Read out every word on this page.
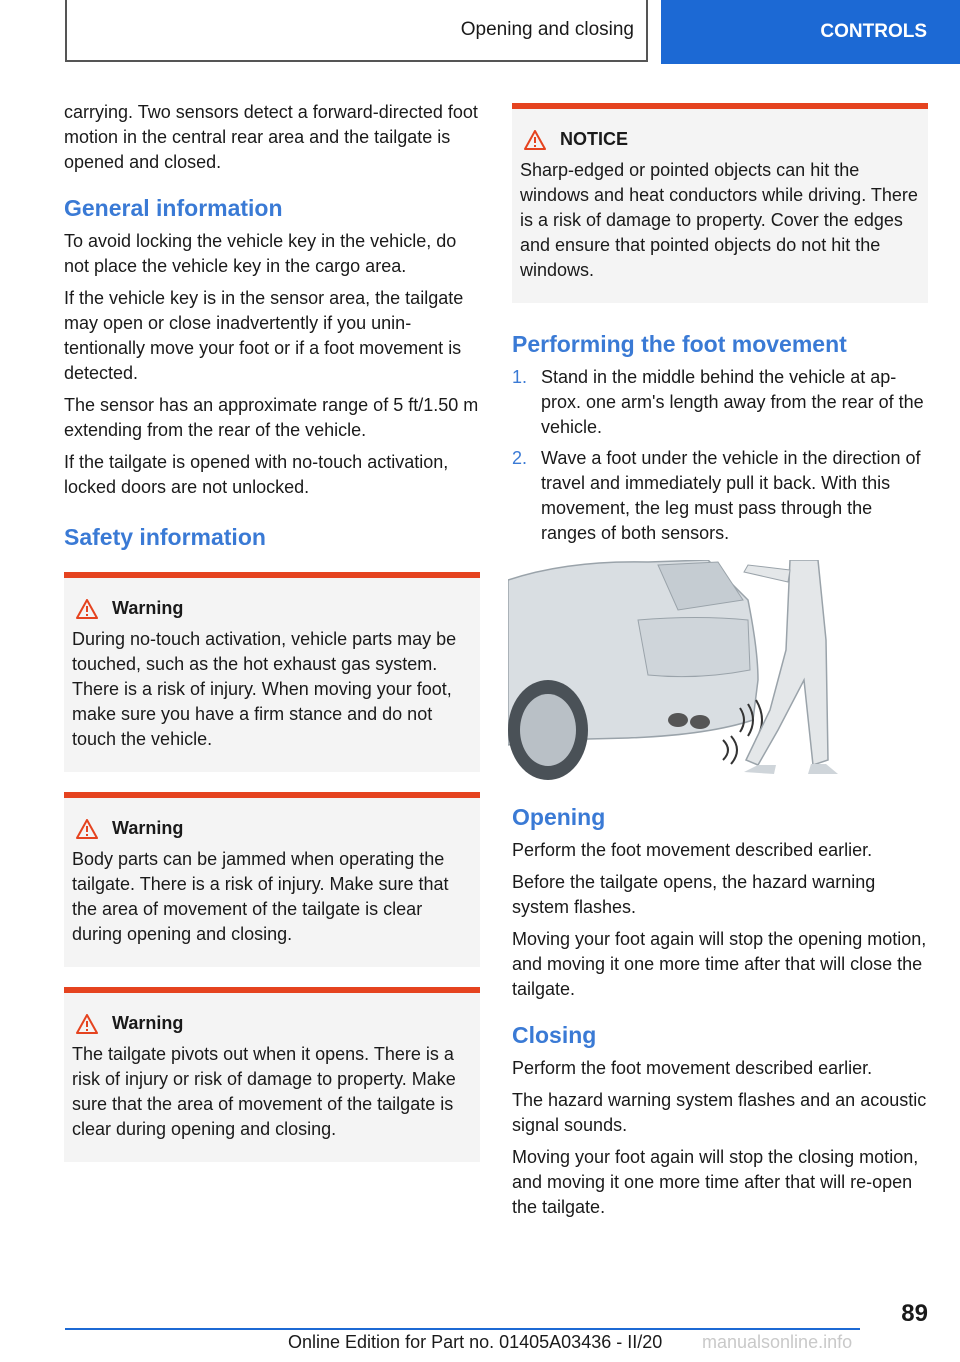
Opening and closing	CONTROLS

carrying. Two sensors detect a forward-directed foot motion in the central rear area and the tailgate is opened and closed.

General information

To avoid locking the vehicle key in the vehicle, do not place the vehicle key in the cargo area.

If the vehicle key is in the sensor area, the tailgate may open or close inadvertently if you unintentionally move your foot or if a foot movement is detected.

The sensor has an approximate range of 5 ft/1.50 m extending from the rear of the vehicle.

If the tailgate is opened with no-touch activation, locked doors are not unlocked.

Safety information
Warning

During no-touch activation, vehicle parts may be touched, such as the hot exhaust gas system. There is a risk of injury. When moving your foot, make sure you have a firm stance and do not touch the vehicle.

Warning

Body parts can be jammed when operating the tailgate. There is a risk of injury. Make sure that the area of movement of the tailgate is clear during opening and closing.

Warning

The tailgate pivots out when it opens. There is a risk of injury or risk of damage to property. Make sure that the area of movement of the tailgate is clear during opening and closing.

NOTICE

Sharp-edged or pointed objects can hit the windows and heat conductors while driving. There is a risk of damage to property. Cover the edges and ensure that pointed objects do not hit the windows.

Performing the foot movement
1. Stand in the middle behind the vehicle at approx. one arm's length away from the rear of the vehicle.
2. Wave a foot under the vehicle in the direction of travel and immediately pull it back. With this movement, the leg must pass through the ranges of both sensors.
Opening

Perform the foot movement described earlier.

Before the tailgate opens, the hazard warning system flashes.

Moving your foot again will stop the opening motion, and moving it one more time after that will close the tailgate.

Closing

Perform the foot movement described earlier.

The hazard warning system flashes and an acoustic signal sounds.

Moving your foot again will stop the closing motion, and moving it one more time after that will re-open the tailgate.

89
Online Edition for Part no. 01405A03436 - II/20 manualsonline.info
